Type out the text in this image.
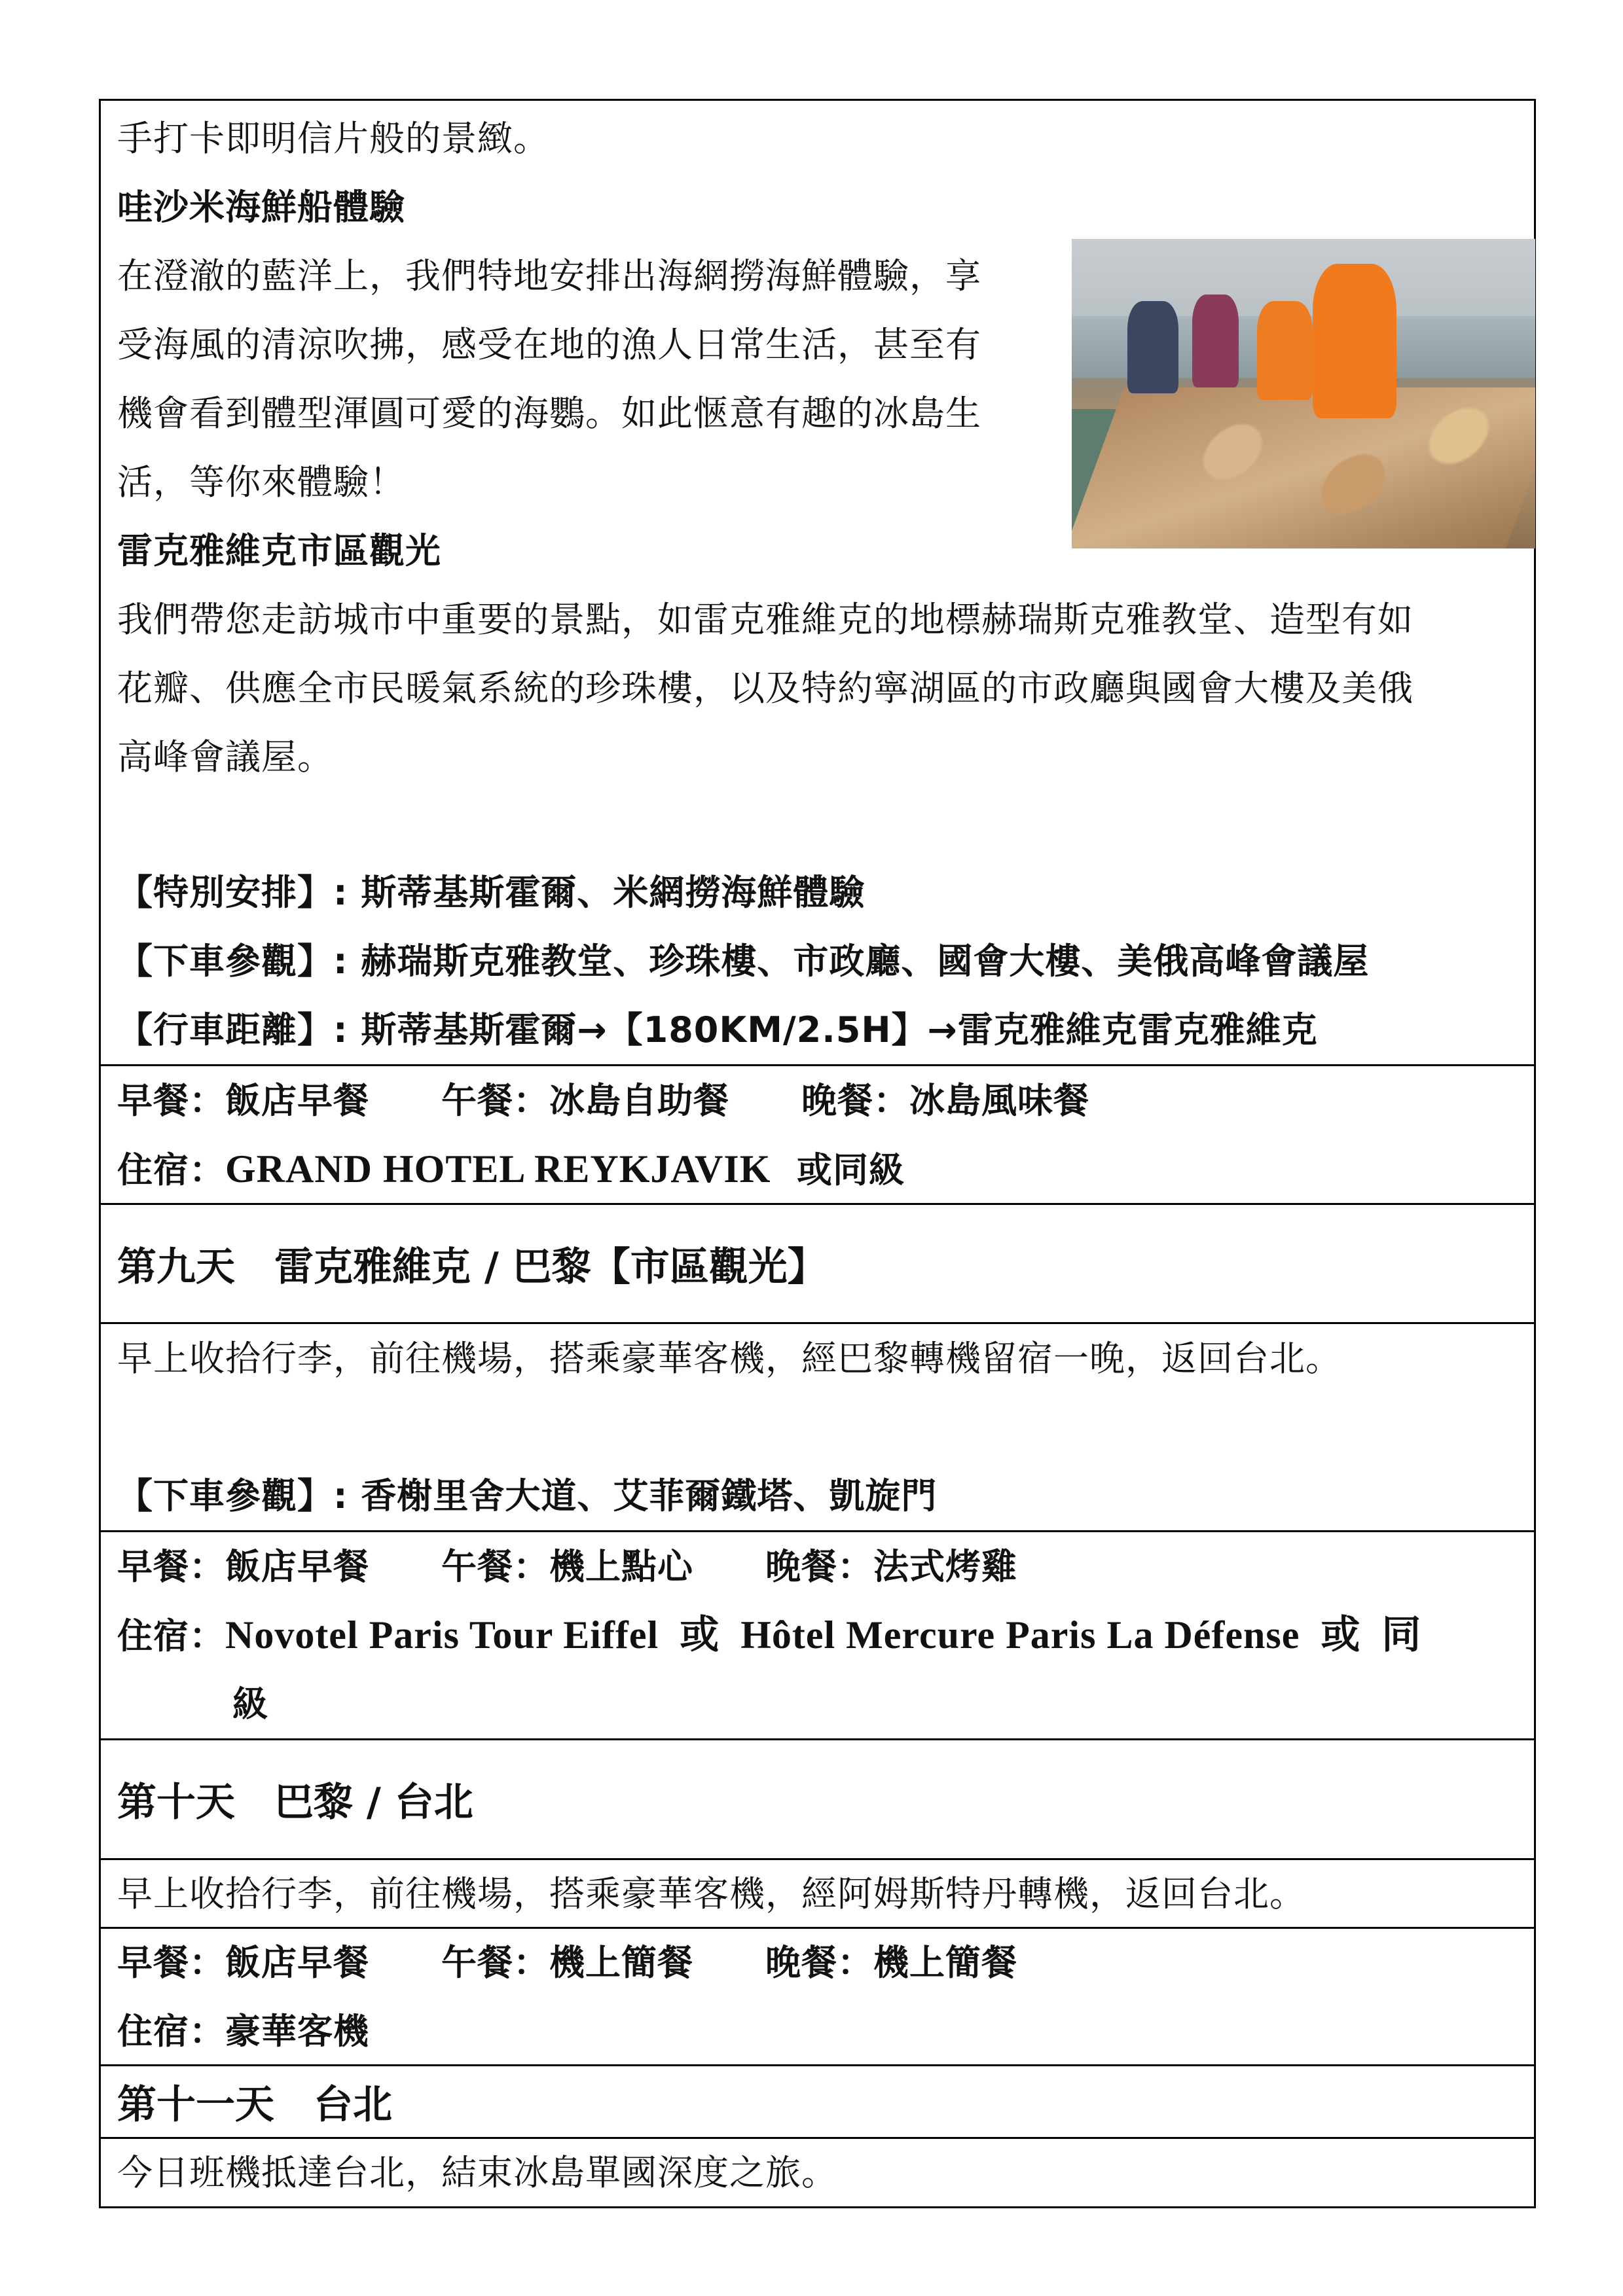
手打卡即明信片般的景緻。
哇沙米海鮮船體驗
在澄澈的藍洋上，我們特地安排出海網撈海鮮體驗，享
受海風的清涼吹拂，感受在地的漁人日常生活，甚至有
機會看到體型渾圓可愛的海鸚。如此愜意有趣的冰島生
活，等你來體驗！
雷克雅維克市區觀光
我們帶您走訪城市中重要的景點，如雷克雅維克的地標赫瑞斯克雅教堂、造型有如
花瓣、供應全市民暖氣系統的珍珠樓，以及特約寧湖區的市政廳與國會大樓及美俄
高峰會議屋。
【特別安排】: 斯蒂基斯霍爾、米網撈海鮮體驗
【下車參觀】: 赫瑞斯克雅教堂、珍珠樓、市政廳、國會大樓、美俄高峰會議屋
【行車距離】: 斯蒂基斯霍爾→【180KM/2.5H】→雷克雅維克雷克雅維克
早餐：飯店早餐　　午餐：冰島自助餐　　晚餐：冰島風味餐
住宿：GRAND HOTEL REYKJAVIK  或同級
第九天　雷克雅維克 / 巴黎【市區觀光】
早上收拾行李，前往機場，搭乘豪華客機，經巴黎轉機留宿一晚，返回台北。
【下車參觀】: 香榭里舍大道、艾菲爾鐵塔、凱旋門
早餐：飯店早餐　　午餐：機上點心　　晚餐：法式烤雞
住宿：Novotel Paris Tour Eiffel  或  Hôtel Mercure Paris La Défense  或  同
級
第十天　巴黎 / 台北
早上收拾行李，前往機場，搭乘豪華客機，經阿姆斯特丹轉機，返回台北。
早餐：飯店早餐　　午餐：機上簡餐　　晚餐：機上簡餐
住宿：豪華客機
第十一天　台北
今日班機抵達台北，結束冰島單國深度之旅。
